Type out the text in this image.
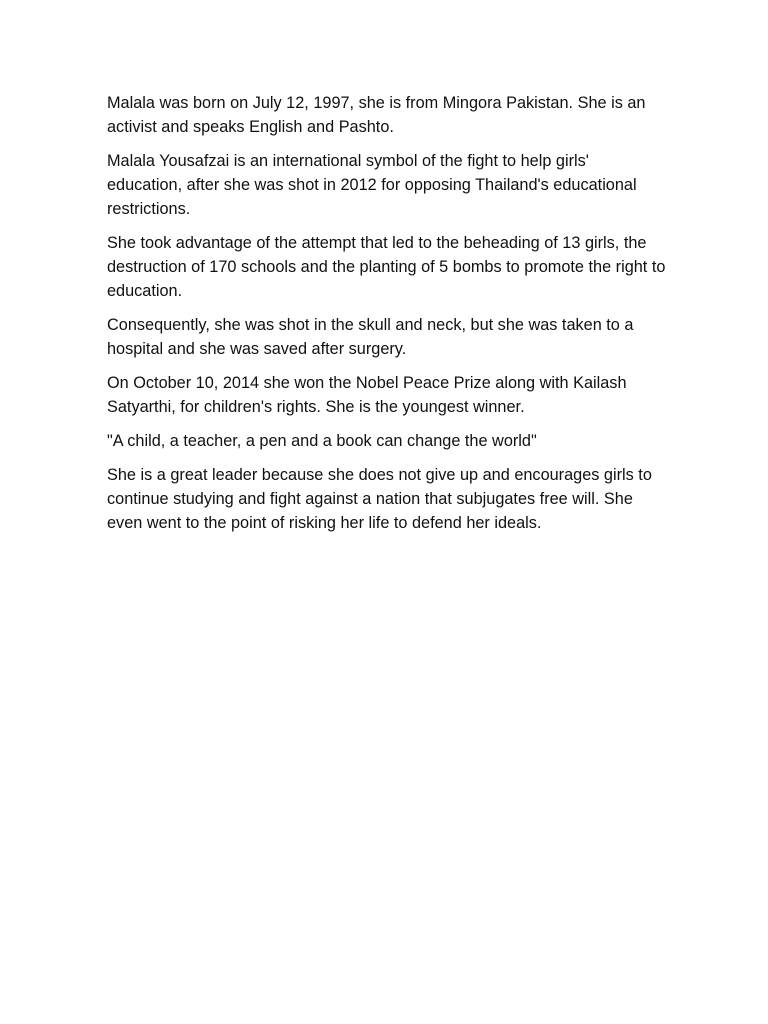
Malala was born on July 12, 1997, she is from Mingora Pakistan. She is an activist and speaks English and Pashto.

Malala Yousafzai is an international symbol of the fight to help girls' education, after she was shot in 2012 for opposing Thailand's educational restrictions.

She took advantage of the attempt that led to the beheading of 13 girls, the destruction of 170 schools and the planting of 5 bombs to promote the right to education.

Consequently, she was shot in the skull and neck, but she was taken to a hospital and she was saved after surgery.

On October 10, 2014 she won the Nobel Peace Prize along with Kailash Satyarthi, for children's rights. She is the youngest winner.

"A child, a teacher, a pen and a book can change the world"

She is a great leader because she does not give up and encourages girls to continue studying and fight against a nation that subjugates free will. She even went to the point of risking her life to defend her ideals.
